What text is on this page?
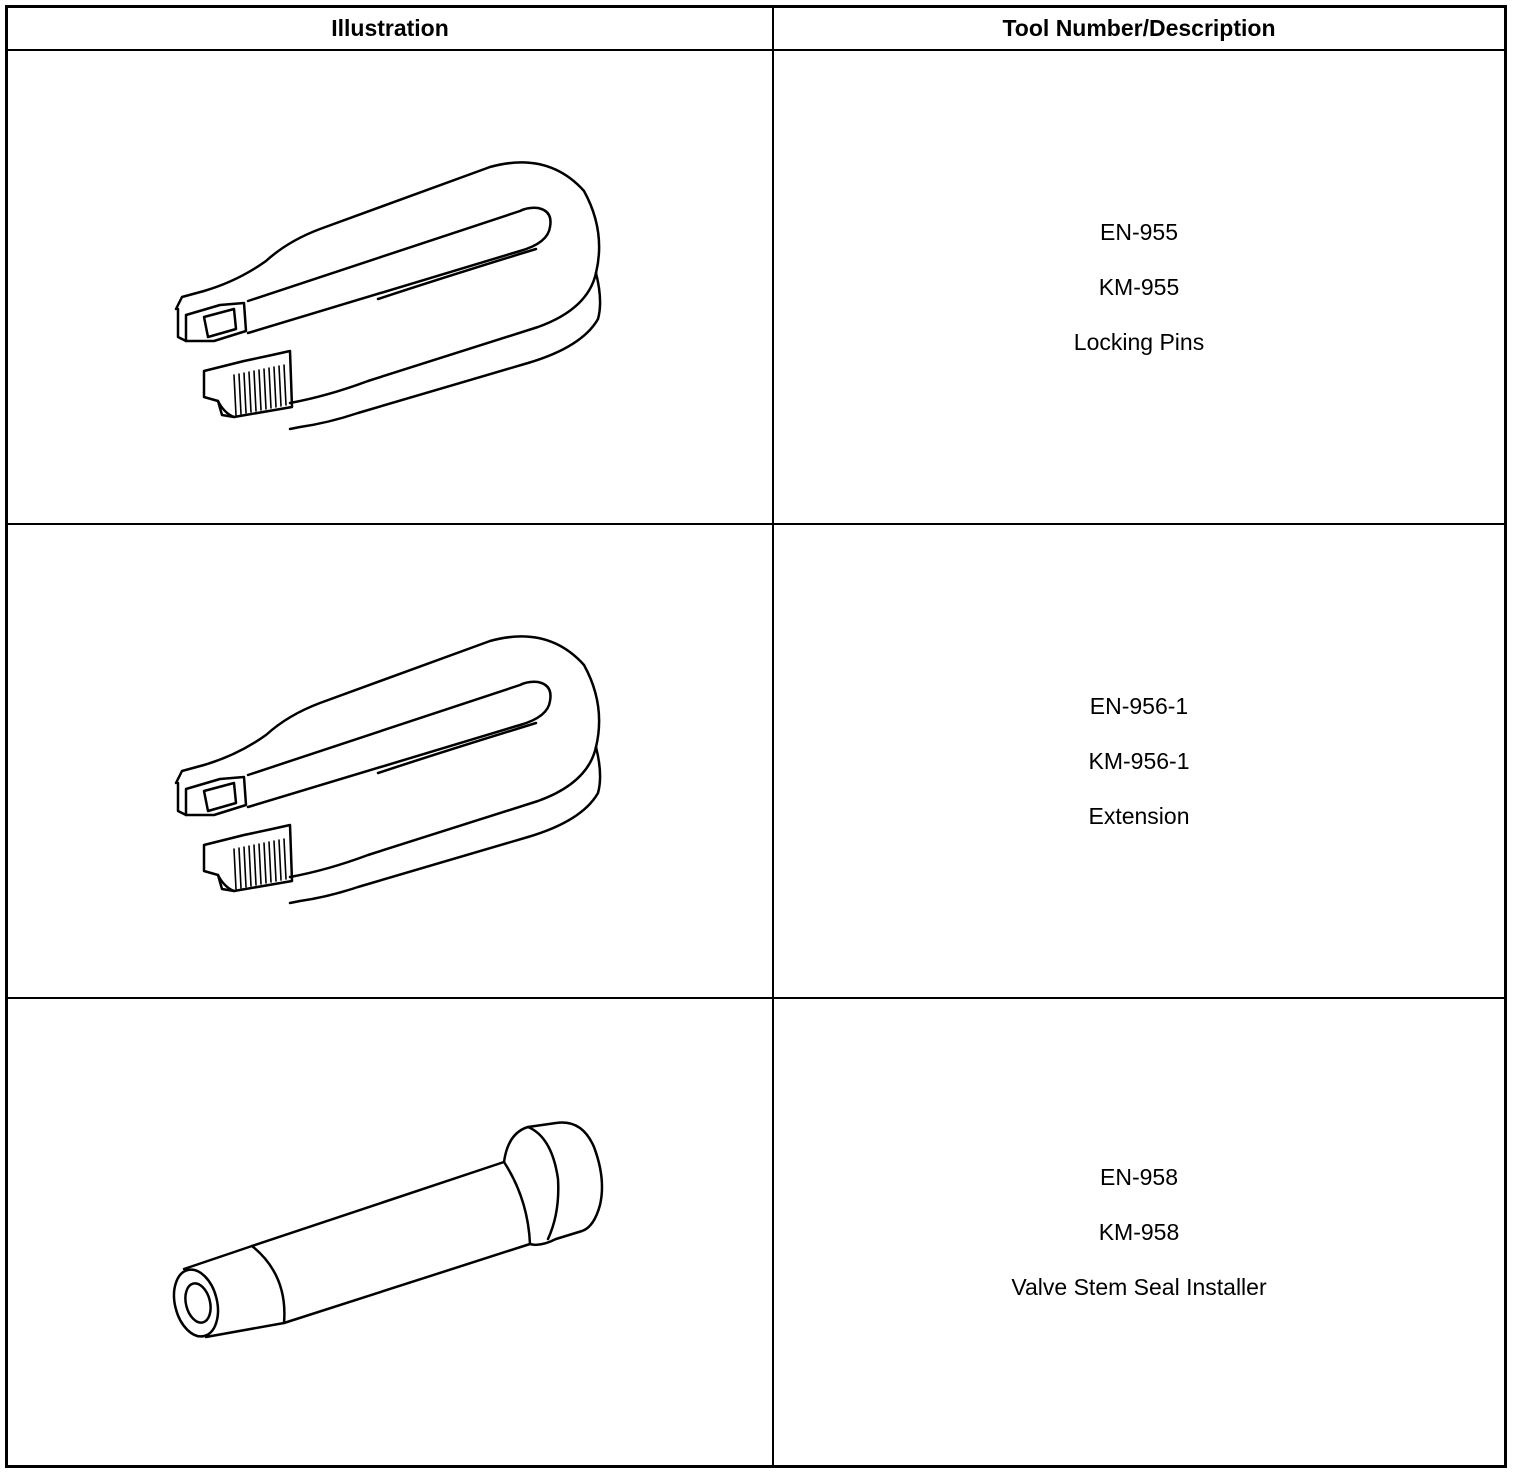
Illustration	Tool Number/Description
EN-955
KM-955
Locking Pins
EN-956-1
KM-956-1
Extension
EN-958
KM-958
Valve Stem Seal Installer
